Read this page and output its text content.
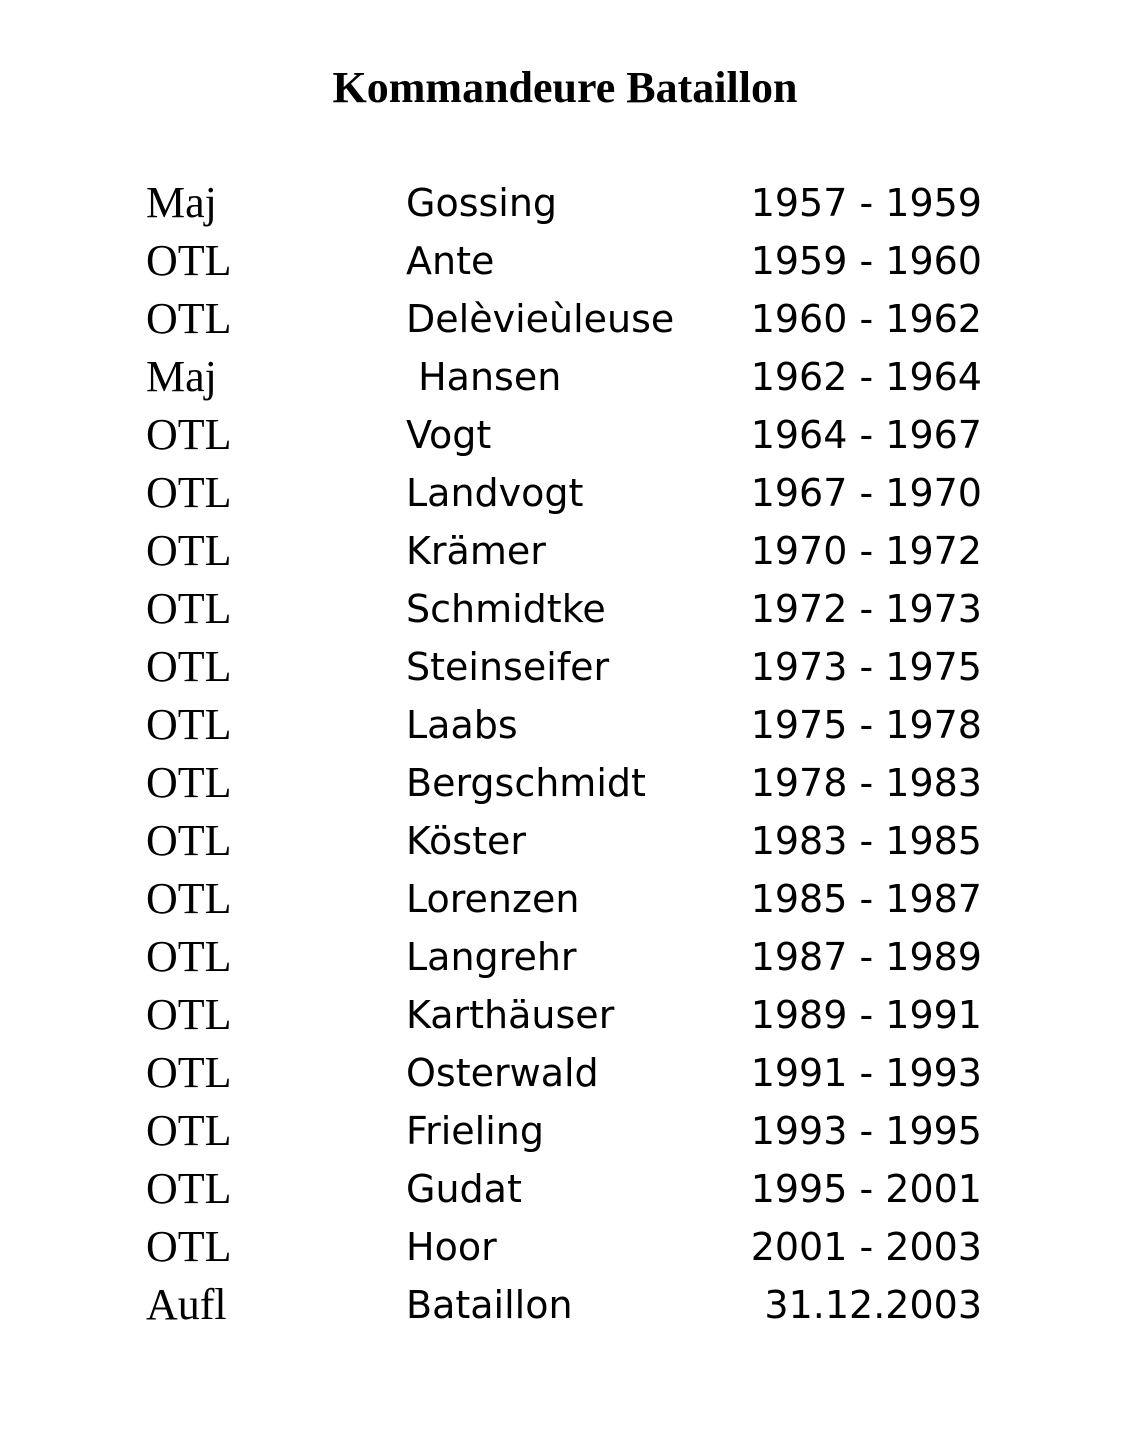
Kommandeure Bataillon
Maj	Gossing	1957 - 1959
OTL	Ante	1959 - 1960
OTL	Delèvieùleuse 1960 - 1962
Maj	Hansen	1962 - 1964
OTL	Vogt	1964 - 1967
OTL	Landvogt	1967 - 1970
OTL	Krämer	1970 - 1972
OTL	Schmidtke	1972 - 1973
OTL	Steinseifer	1973 - 1975
OTL	Laabs	1975 - 1978
OTL	Bergschmidt	1978 - 1983
OTL	Köster	1983 - 1985
OTL	Lorenzen	1985 - 1987
OTL	Langrehr	1987 - 1989
OTL	Karthäuser	1989 - 1991
OTL	Osterwald	1991 - 1993
OTL	Frieling	1993 - 1995
OTL	Gudat	1995 - 2001
OTL	Hoor	2001 - 2003
Aufl	Bataillon	31.12.2003
